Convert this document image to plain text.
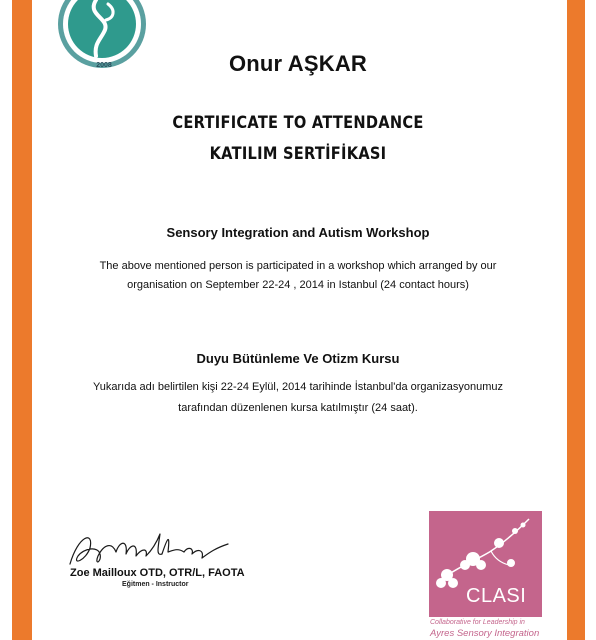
2008	Onur AŞKAR
CERTIFICATE TO ATTENDANCE
KATILIM SERTİFİKASI
Sensory Integration and Autism Workshop
The above mentioned person is participated in a workshop which arranged by our organisation on September 22-24 , 2014 in Istanbul (24 contact hours)
Duyu Bütünleme Ve Otizm Kursu
Yukarıda adı belirtilen kişi 22-24 Eylül, 2014 tarihinde İstanbul'da organizasyonumuz tarafından düzenlenen kursa katılmıştır (24 saat).
Zoe Mailloux OTD, OTR/L, FAOTA
Eğitmen - Instructor
CLASI
Collaborative for Leadership in
Ayres Sensory Integration
